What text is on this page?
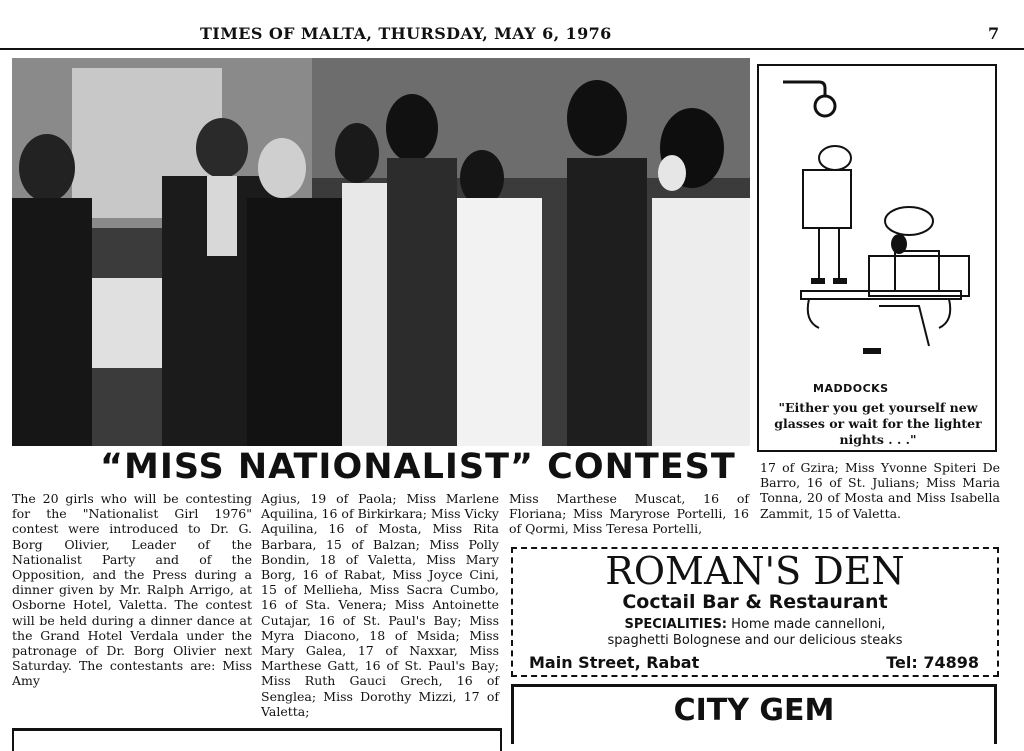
TIMES OF MALTA, THURSDAY, MAY 6, 1976	7
MADDOCKS
"Either you get yourself new glasses or wait for the lighter nights . . ."
“MISS NATIONALIST” CONTEST

The 20 girls who will be contesting for the "Nationalist Girl 1976" contest were introduced to Dr. G. Borg Olivier, Leader of the Nationalist Party and of the Opposition, and the Press during a dinner given by Mr. Ralph Arrigo, at Osborne Hotel, Valetta. The contest will be held during a dinner dance at the Grand Hotel Verdala under the patronage of Dr. Borg Olivier next Saturday. The contestants are: Miss Amy

Agius, 19 of Paola; Miss Marlene Aquilina, 16 of Birkirkara; Miss Vicky Aquilina, 16 of Mosta, Miss Rita Barbara, 15 of Balzan; Miss Polly Bondin, 18 of Valetta, Miss Mary Borg, 16 of Rabat, Miss Joyce Cini, 15 of Mellieha, Miss Sacra Cumbo, 16 of Sta. Venera; Miss Antoinette Cutajar, 16 of St. Paul's Bay; Miss Myra Diacono, 18 of Msida; Miss Mary Galea, 17 of Naxxar, Miss Marthese Gatt, 16 of St. Paul's Bay; Miss Ruth Gauci Grech, 16 of Senglea; Miss Dorothy Mizzi, 17 of Valetta;

Miss Marthese Muscat, 16 of Floriana; Miss Maryrose Portelli, 16 of Qormi, Miss Teresa Portelli,

17 of Gzira; Miss Yvonne Spiteri De Barro, 16 of St. Julians; Miss Maria Tonna, 20 of Mosta and Miss Isabella Zammit, 15 of Valetta.

ROMAN'S DEN
Coctail Bar & Restaurant
SPECIALITIES: Home made cannelloni,
spaghetti Bolognese and our delicious steaks
Main Street, Rabat	Tel: 74898
CITY GEM
